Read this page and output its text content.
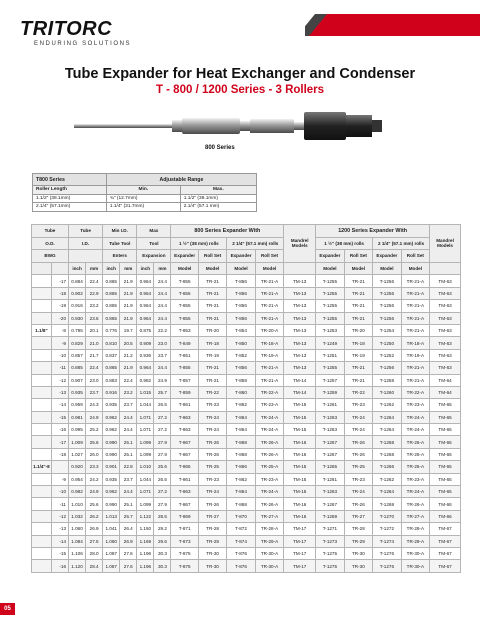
TRITORC
ENDURING SOLUTIONS
Tube Expander for Heat Exchanger and Condenser
T - 800 / 1200 Series - 3 Rollers
800 Series
T800 Series	Adjustable Range	
Roller Length	Min.	Max.
1.1/2" (38.1mm)	¾" (12.7mm)	1.1/2" (38.1mm)
2.1/4" (57.1mm)	1.1/4" (31.7mm)	2.1/4" (57.1 mm)
Tube		Tube		Min I.D.		Max		800 Series Expander With				Mandrel
Models	1200 Series Expander With				Mandrel
Models
O.D.		I.D.		Tube Tool		Tool		1 ½" (38 mm) rolls		2 1/4" (57.1 mm) rolls			1 ½" (38 mm) rolls		2 1/4" (57.1 mm) rolls		
BWG				Enters		Expansion		Expander	Roll Set	Expander	Roll Set		Expander	Roll Set	Expander	Roll Set	
		inch	mm	inch	mm	inch	mm	Model	Model	Model	Model		Model	Model	Model	Model	
	-17	0.884	22.4	0.865	21.9	0.964	24.4	T-855	TR-21	T-856	TR-21-A	TM-13	T-1255	TR-21	T-1256	TR-21-A	TM-63
	-18	0.902	22.9	0.865	21.9	0.964	24.4	T-855	TR-21	T-856	TR-21-A	TM-13	T-1255	TR-21	T-1256	TR-21-A	TM-63
	-19	0.916	23.2	0.865	21.9	0.964	24.4	T-855	TR-21	T-856	TR-21-A	TM-13	T-1255	TR-21	T-1256	TR-21-A	TM-63
	-20	0.930	23.6	0.865	21.9	0.964	24.4	T-855	TR-21	T-856	TR-21-A	TM-13	T-1255	TR-21	T-1256	TR-21-A	TM-63
1.1/8"	-8	0.795	20.1	0.776	19.7	0.875	22.2	T-853	TR-20	T-854	TR-20-A	TM-13	T-1253	TR-20	T-1254	TR-21-A	TM-63
	-9	0.829	21.0	0.810	20.5	0.909	23.0	T-849	TR-18	T-850	TR-18-A	TM-13	T-1249	TR-18	T-1250	TR-18-A	TM-63
	-10	0.857	21.7	0.837	21.2	0.936	23.7	T-851	TR-19	T-852	TR-19-A	TM-13	T-1251	TR-19	T-1252	TR-19-A	TM-63
	-11	0.885	22.4	0.865	21.9	0.964	24.4	T-855	TR-21	T-856	TR-21-A	TM-13	T-1255	TR-21	T-1256	TR-21-A	TM-63
	-12	0.907	23.0	0.883	22.4	0.982	24.9	T-857	TR-21	T-858	TR-21-A	TM-14	T-1257	TR-21	T-1258	TR-21-A	TM-64
	-13	0.935	23.7	0.916	23.2	1.015	25.7	T-859	TR-22	T-860	TR-22-A	TM-14	T-1259	TR-22	T-1260	TR-22-A	TM-64
	-14	0.959	24.3	0.935	23.7	1.044	26.5	T-861	TR-23	T-862	TR-23-A	TM-15	T-1261	TR-23	T-1262	TR-23-A	TM-65
	-15	0.981	24.9	0.962	24.4	1.071	27.2	T-863	TR-24	T-864	TR-24-A	TM-15	T-1263	TR-24	T-1264	TR-24-A	TM-65
	-16	0.995	25.2	0.962	24.4	1.071	27.2	T-863	TR-24	T-864	TR-24-A	TM-15	T-1263	TR-24	T-1264	TR-24-A	TM-65
	-17	1.009	25.6	0.990	25.1	1.099	27.9	T-867	TR-26	T-868	TR-26-A	TM-16	T-1267	TR-26	T-1268	TR-26-A	TM-66
	-18	1.027	26.0	0.990	25.1	1.099	27.9	T-867	TR-26	T-868	TR-26-A	TM-16	T-1267	TR-26	T-1268	TR-26-A	TM-66
1.1/4"-8		0.920	23.3	0.901	22.8	1.010	25.6	T-865	TR-25	T-866	TR-25-A	TM-15	T-1265	TR-25	T-1266	TR-25-A	TM-65
	-9	0.954	24.2	0.935	23.7	1.044	26.5	T-861	TR-23	T-862	TR-23-A	TM-15	T-1261	TR-23	T-1262	TR-23-A	TM-65
	-10	0.982	24.9	0.962	24.4	1.071	27.2	T-863	TR-24	T-864	TR-24-A	TM-15	T-1263	TR-24	T-1264	TR-24-A	TM-65
	-11	1.010	25.6	0.990	25.1	1.099	27.9	T-867	TR-26	T-868	TR-26-A	TM-16	T-1267	TR-26	T-1268	TR-26-A	TM-66
	-12	1.032	26.2	1.013	25.7	1.122	28.5	T-869	TR-27	T-870	TR-27-A	TM-16	T-1269	TR-27	T-1270	TR-27-A	TM-66
	-13	1.060	26.9	1.041	26.4	1.150	29.2	T-871	TR-28	T-872	TR-28-A	TM-17	T-1271	TR-28	T-1272	TR-28-A	TM-67
	-14	1.084	27.5	1.060	26.9	1.169	29.6	T-873	TR-29	T-874	TR-29-A	TM-17	T-1273	TR-29	T-1274	TR-29-A	TM-67
	-15	1.106	28.0	1.087	27.6	1.196	30.3	T-875	TR-30	T-876	TR-30-A	TM-17	T-1275	TR-30	T-1276	TR-30-A	TM-67
	-16	1.120	28.4	1.087	27.6	1.196	30.3	T-875	TR-30	T-876	TR-30-A	TM-17	T-1275	TR-30	T-1276	TR-30-A	TM-67
05
